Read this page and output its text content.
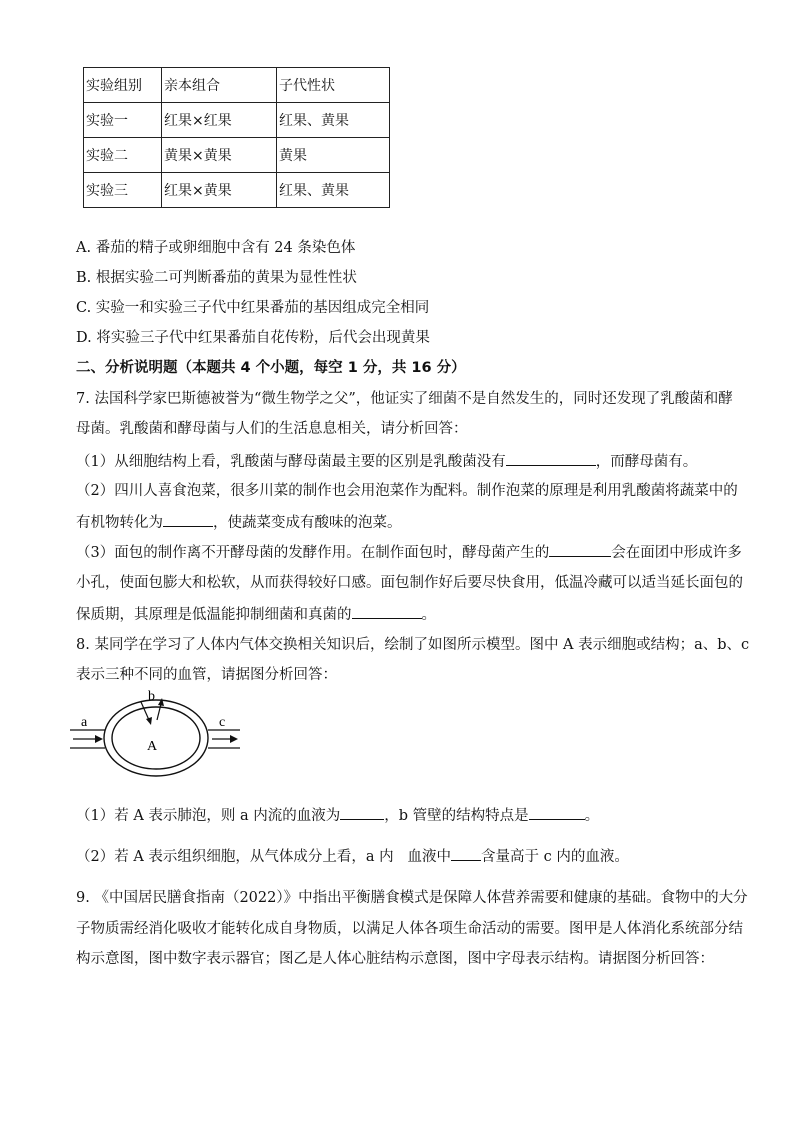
实验组别	亲本组合	子代性状
实验一	红果×红果	红果、黄果
实验二	黄果×黄果	黄果
实验三	红果×黄果	红果、黄果
A. 番茄的精子或卵细胞中含有 24 条染色体
B. 根据实验二可判断番茄的黄果为显性性状
C. 实验一和实验三子代中红果番茄的基因组成完全相同
D. 将实验三子代中红果番茄自花传粉，后代会出现黄果
二、分析说明题（本题共 4 个小题，每空 1 分，共 16 分）
7. 法国科学家巴斯德被誉为“微生物学之父”，他证实了细菌不是自然发生的，同时还发现了乳酸菌和酵
母菌。乳酸菌和酵母菌与人们的生活息息相关，请分析回答：
（1）从细胞结构上看，乳酸菌与酵母菌最主要的区别是乳酸菌没有	，而酵母菌有。
（2）四川人喜食泡菜，很多川菜的制作也会用泡菜作为配料。制作泡菜的原理是利用乳酸菌将蔬菜中的
有机物转化为	，使蔬菜变成有酸味的泡菜。
（3）面包的制作离不开酵母菌的发酵作用。在制作面包时，酵母菌产生的	会在面团中形成许多
小孔，使面包膨大和松软，从而获得较好口感。面包制作好后要尽快食用，低温冷藏可以适当延长面包的
保质期，其原理是低温能抑制细菌和真菌的	。
8. 某同学在学习了人体内气体交换相关知识后，绘制了如图所示模型。图中 A 表示细胞或结构；a、b、c
表示三种不同的血管，请据图分析回答：
a
b
c
A
（1）若 A 表示肺泡，则 a 内流的血液为	，b 管壁的结构特点是	。
（2）若 A 表示组织细胞，从气体成分上看，a 内 血液中 含量高于 c 内的血液。
9. 《中国居民膳食指南（2022）》中指出平衡膳食模式是保障人体营养需要和健康的基础。食物中的大分
子物质需经消化吸收才能转化成自身物质，以满足人体各项生命活动的需要。图甲是人体消化系统部分结
构示意图，图中数字表示器官；图乙是人体心脏结构示意图，图中字母表示结构。请据图分析回答：
